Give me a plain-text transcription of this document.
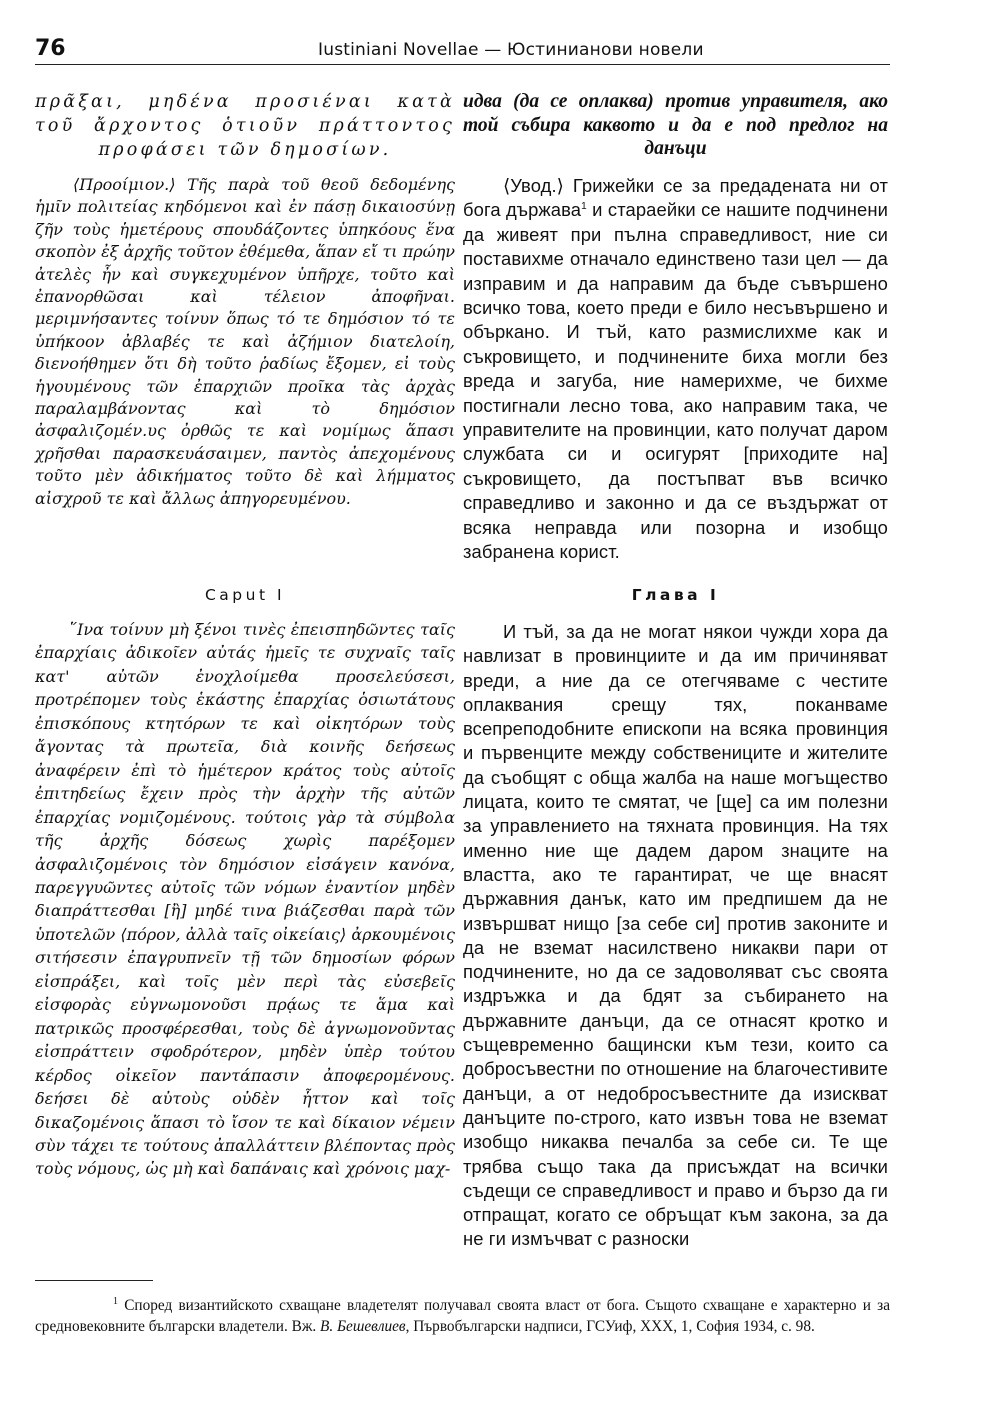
76	Iustiniani Novellae — Юстинианови новели

πρᾶξαι, μηδένα προσιέναι κατὰ τοῦ ἄρχοντος ὁτιοῦν πράττοντος προφάσει τῶν δημοσίων.

⟨Προοίμιον.⟩ Τῆς παρὰ τοῦ θεοῦ δεδομένης ἡμῖν πολιτείας κηδόμενοι καὶ ἐν πάσῃ δικαιοσύνῃ ζῆν τοὺς ἡμετέρους σπουδάζοντες ὑπηκόους ἕνα σκοπὸν ἐξ ἀρχῆς τοῦτον ἐθέμεθα, ἅπαν εἴ τι πρώην ἀτελὲς ἦν καὶ συγκεχυμένον ὑπῆρχε, τοῦτο καὶ ἐπανορθῶσαι καὶ τέλειον ἀποφῆναι. μεριμνήσαντες τοίνυν ὅπως τό τε δημόσιον τό τε ὑπήκοον ἀβλαβές τε καὶ ἀζήμιον διατελοίη, διενοήθημεν ὅτι δὴ τοῦτο ῥαδίως ἔξομεν, εἰ τοὺς ἡγουμένους τῶν ἐπαρχιῶν προῖκα τὰς ἀρχὰς παραλαμβάνοντας καὶ τὸ δημόσιον ἀσφαλιζομέν.υς ὀρθῶς τε καὶ νομίμως ἅπασι χρῆσθαι παρασκευάσαιμεν, παντὸς ἀπεχομένους τοῦτο μὲν ἀδικήματος τοῦτο δὲ καὶ λήμματος αἰσχροῦ τε καὶ ἄλλως ἀπηγορευμένου.

идва (да се оплаква) против управителя, ако той събира каквото и да е под предлог на данъци

⟨Увод.⟩ Грижейки се за предадената ни от бога държава$^1$ и стараейки се нашите подчинени да живеят при пълна справедливост, ние си поставихме отначало единствено тази цел — да изправим и да направим да бъде съвършено всичко това, което преди е било несъвършено и объркано. И тъй, като размислихме как и съкровището, и подчинените биха могли без вреда и загуба, ние намерихме, че бихме постигнали лесно това, ако направим така, че управителите на провинции, като получат даром службата си и осигурят [приходите на] съкровището, да постъпват във всичко справедливо и законно и да се въздържат от всяка неправда или позорна и изобщо забранена корист.

Caput I	Глава I

῞Ινα τοίνυν μὴ ξένοι τινὲς ἐπεισπηδῶντες ταῖς ἐπαρχίαις ἀδικοῖεν αὐτάς ἡμεῖς τε συχναῖς ταῖς κατ' αὐτῶν ἐνοχλοίμεθα προσελεύσεσι, προτρέπομεν τοὺς ἑκάστης ἐπαρχίας ὁσιωτάτους ἐπισκόπους κτητόρων τε καὶ οἰκητόρων τοὺς ἄγοντας τὰ πρωτεῖα, διὰ κοινῆς δεήσεως ἀναφέρειν ἐπὶ τὸ ἡμέτερον κράτος τοὺς αὐτοῖς ἐπιτηδείως ἔχειν πρὸς τὴν ἀρχὴν τῆς αὐτῶν ἐπαρχίας νομιζομένους. τούτοις γὰρ τὰ σύμβολα τῆς ἀρχῆς δόσεως χωρὶς παρέξομεν ἀσφαλιζομένοις τὸν δημόσιον εἰσάγειν κανόνα, παρεγγυῶντες αὐτοῖς τῶν νόμων ἐναντίον μηδὲν διαπράττεσθαι [ἢ] μηδέ τινα βιάζεσθαι παρὰ τῶν ὑποτελῶν ⟨πόρον, ἀλλὰ ταῖς οἰκείαις⟩ ἀρκουμένοις σιτήσεσιν ἐπαγρυπνεῖν τῇ τῶν δημοσίων φόρων εἰσπράξει, καὶ τοῖς μὲν περὶ τὰς εὐσεβεῖς εἰσφορὰς εὐγνωμονοῦσι πρᾴως τε ἅμα καὶ πατρικῶς προσφέρεσθαι, τοὺς δὲ ἀγνωμονοῦντας εἰσπράττειν σφοδρότερον, μηδὲν ὑπὲρ τούτου κέρδος οἰκεῖον παντάπασιν ἀποφερομένους. δεήσει δὲ αὐτοὺς οὐδὲν ἧττον καὶ τοῖς δικαζομένοις ἅπασι τὸ ἴσον τε καὶ δίκαιον νέμειν σὺν τάχει τε τούτους ἀπαλλάττειν βλέποντας πρὸς τοὺς νόμους, ὡς μὴ καὶ δαπάναις καὶ χρόνοις μαχ-

И тъй, за да не могат някои чужди хора да навлизат в провинциите и да им причиняват вреди, а ние да се отегчяваме с честите оплаквания срещу тях, поканваме всепреподобните епископи на всяка провинция и първенците между собствениците и жителите да съобщят с обща жалба на наше могъщество лицата, които те смятат, че [ще] са им полезни за управлението на тяхната провинция. На тях именно ние ще дадем даром знаците на властта, ако те гарантират, че ще внасят държавния данък, като им предпишем да не извършват нищо [за себе си] против законите и да не вземат насилствено никакви пари от подчинените, но да се задоволяват със своята издръжка и да бдят за събирането на държавните данъци, да се отнасят кротко и същевременно бащински към тези, които са добросъвестни по отношение на благочестивите данъци, а от недобросъвестните да изискват данъците по-строго, като извън това не вземат изобщо никаква печалба за себе си. Те ще трябва също така да присъждат на всички съдещи се справедливост и право и бързо да ги отпращат, когато се обръщат към закона, за да не ги измъчват с разноски

$^1$ Според византийското схващане владетелят получавал своята власт от бога. Същото схващане е характерно и за средновековните български владетели. Вж. В. Бешевлиев, Първобългарски надписи, ГСУиф, XXX, 1, София 1934, с. 98.
